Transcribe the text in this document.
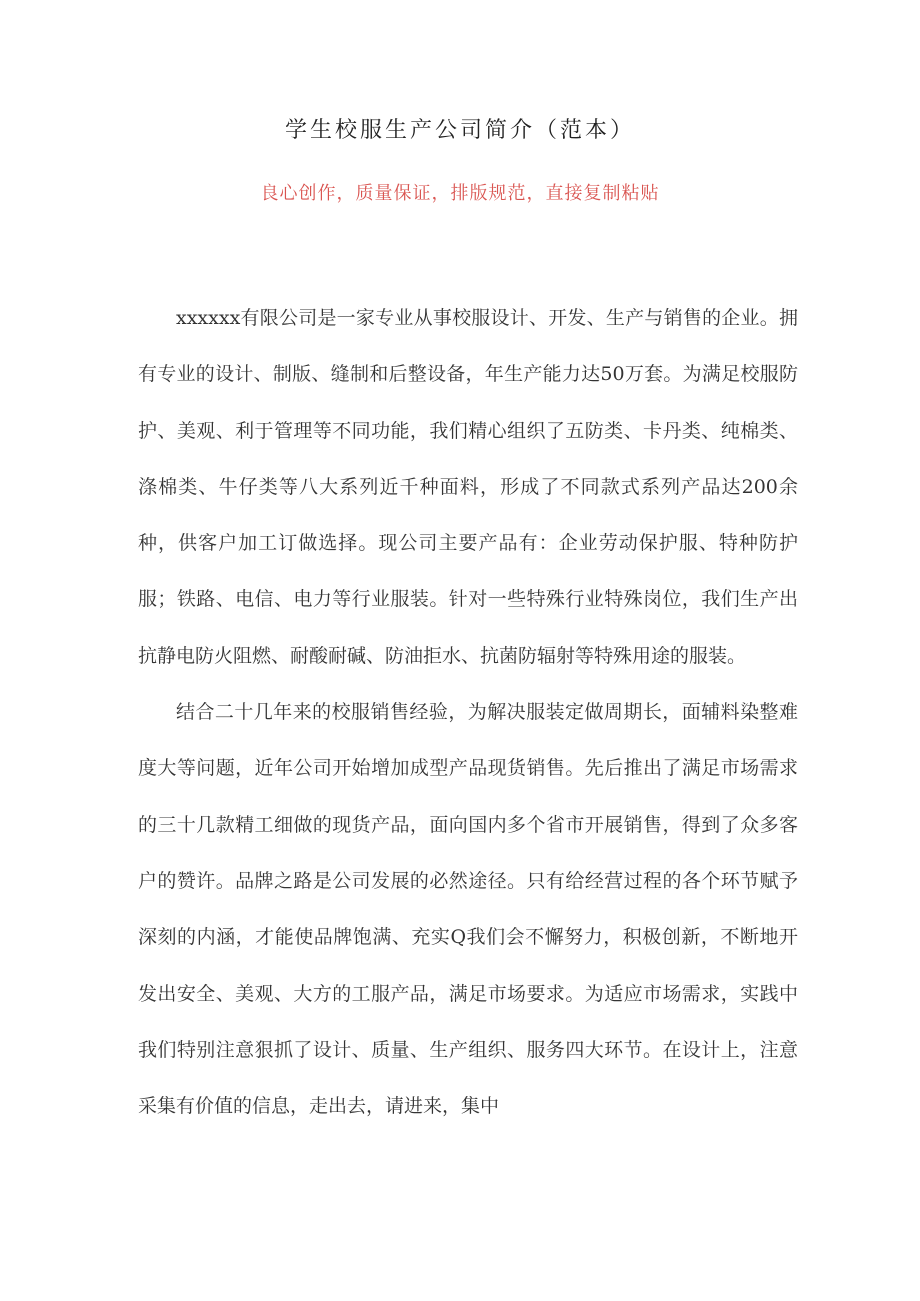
学生校服生产公司简介（范本）

良心创作，质量保证，排版规范，直接复制粘贴

xxxxxx有限公司是一家专业从事校服设计、开发、生产与销售的企业。拥有专业的设计、制版、缝制和后整设备，年生产能力达50万套。为满足校服防护、美观、利于管理等不同功能，我们精心组织了五防类、卡丹类、纯棉类、涤棉类、牛仔类等八大系列近千种面料，形成了不同款式系列产品达200余种，供客户加工订做选择。现公司主要产品有：企业劳动保护服、特种防护服；铁路、电信、电力等行业服装。针对一些特殊行业特殊岗位，我们生产出抗静电防火阻燃、耐酸耐碱、防油拒水、抗菌防辐射等特殊用途的服装。

结合二十几年来的校服销售经验，为解决服装定做周期长，面辅料染整难度大等问题，近年公司开始增加成型产品现货销售。先后推出了满足市场需求的三十几款精工细做的现货产品，面向国内多个省市开展销售，得到了众多客户的赞许。品牌之路是公司发展的必然途径。只有给经营过程的各个环节赋予深刻的内涵，才能使品牌饱满、充实Q我们会不懈努力，积极创新，不断地开发出安全、美观、大方的工服产品，满足市场要求。为适应市场需求，实践中我们特别注意狠抓了设计、质量、生产组织、服务四大环节。在设计上，注意采集有价值的信息，走出去，请进来，集中
